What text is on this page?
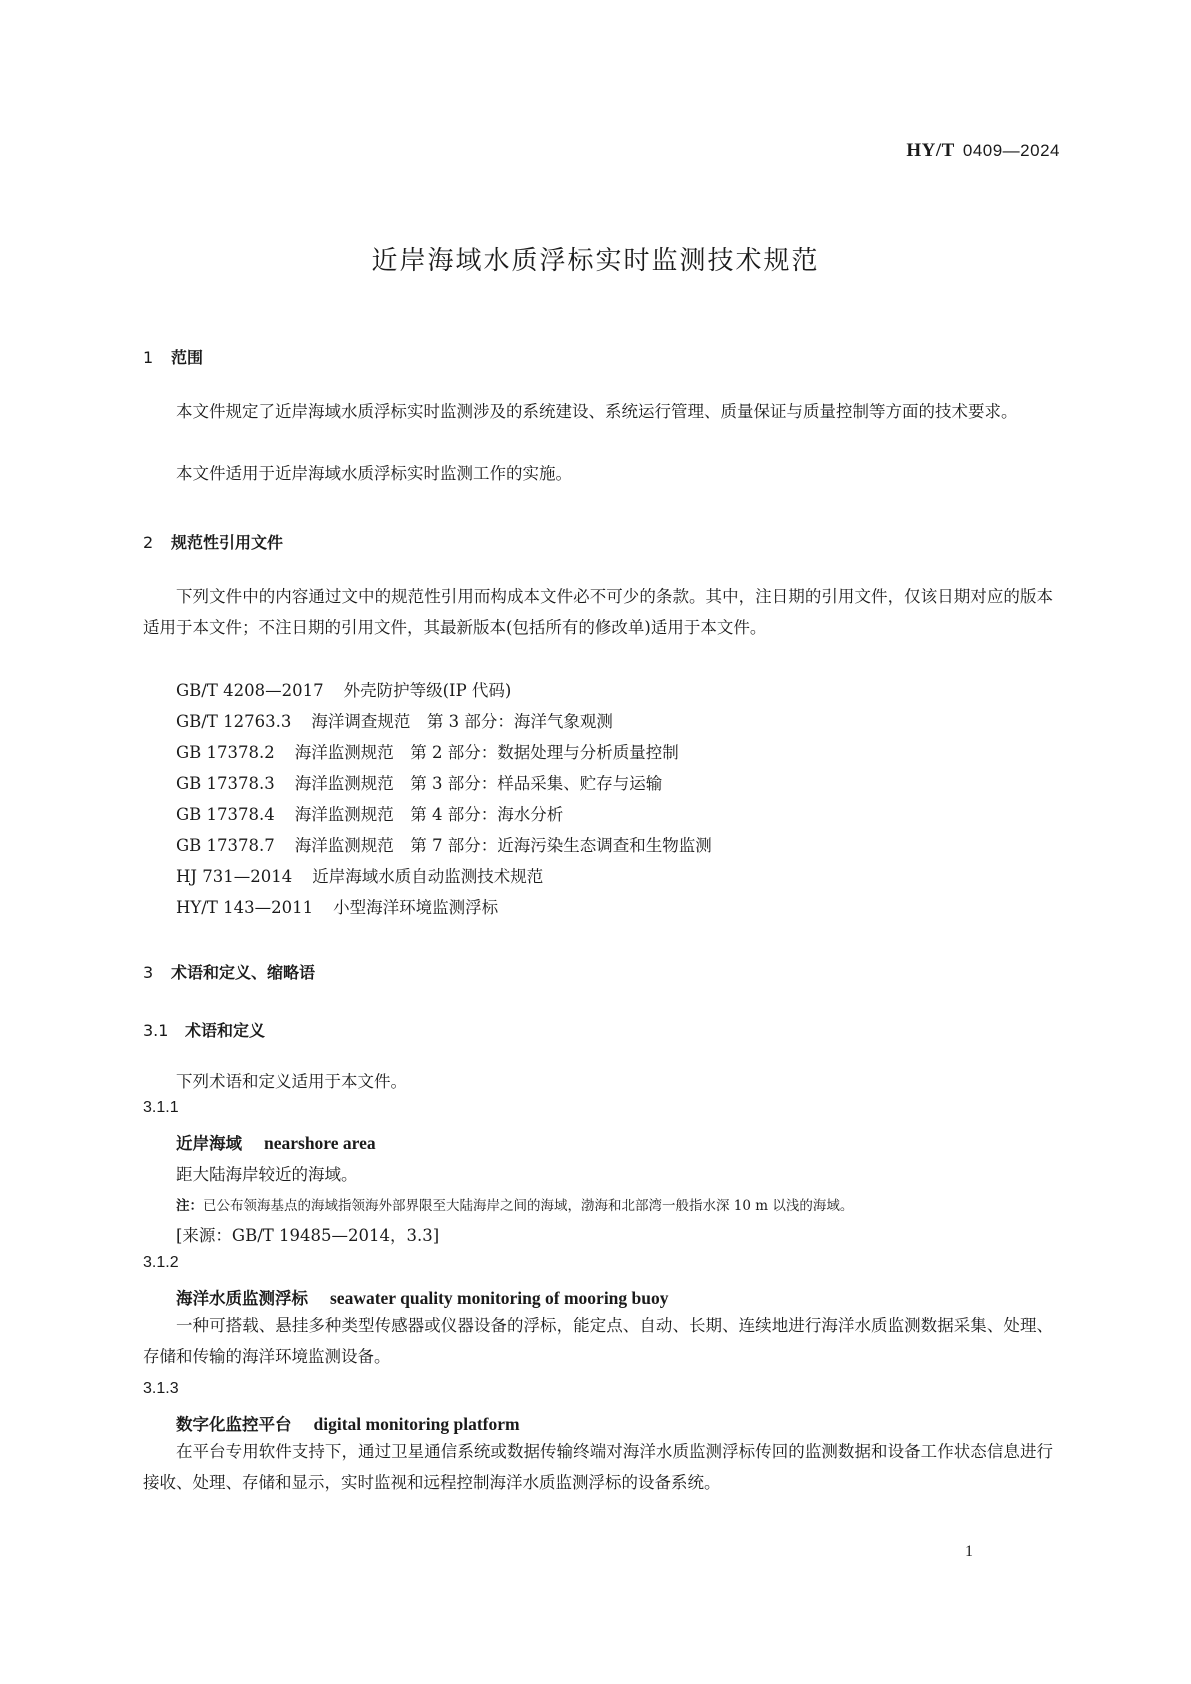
HY/T 0409—2024
近岸海域水质浮标实时监测技术规范
1 范围
本文件规定了近岸海域水质浮标实时监测涉及的系统建设、系统运行管理、质量保证与质量控制等方面的技术要求。
本文件适用于近岸海域水质浮标实时监测工作的实施。
2 规范性引用文件
下列文件中的内容通过文中的规范性引用而构成本文件必不可少的条款。其中，注日期的引用文件，仅该日期对应的版本适用于本文件；不注日期的引用文件，其最新版本(包括所有的修改单)适用于本文件。
GB/T 4208—2017 外壳防护等级(IP 代码)
GB/T 12763.3 海洋调查规范　第 3 部分：海洋气象观测
GB 17378.2 海洋监测规范　第 2 部分：数据处理与分析质量控制
GB 17378.3 海洋监测规范　第 3 部分：样品采集、贮存与运输
GB 17378.4 海洋监测规范　第 4 部分：海水分析
GB 17378.7 海洋监测规范　第 7 部分：近海污染生态调查和生物监测
HJ 731—2014 近岸海域水质自动监测技术规范
HY/T 143—2011 小型海洋环境监测浮标
3 术语和定义、缩略语
3.1 术语和定义
下列术语和定义适用于本文件。
3.1.1
近岸海域 nearshore area
距大陆海岸较近的海域。
注：已公布领海基点的海域指领海外部界限至大陆海岸之间的海域，渤海和北部湾一般指水深 10 m 以浅的海域。
[来源：GB/T 19485—2014，3.3]
3.1.2
海洋水质监测浮标 seawater quality monitoring of mooring buoy
一种可搭载、悬挂多种类型传感器或仪器设备的浮标，能定点、自动、长期、连续地进行海洋水质监测数据采集、处理、存储和传输的海洋环境监测设备。
3.1.3
数字化监控平台 digital monitoring platform
在平台专用软件支持下，通过卫星通信系统或数据传输终端对海洋水质监测浮标传回的监测数据和设备工作状态信息进行接收、处理、存储和显示，实时监视和远程控制海洋水质监测浮标的设备系统。
1
